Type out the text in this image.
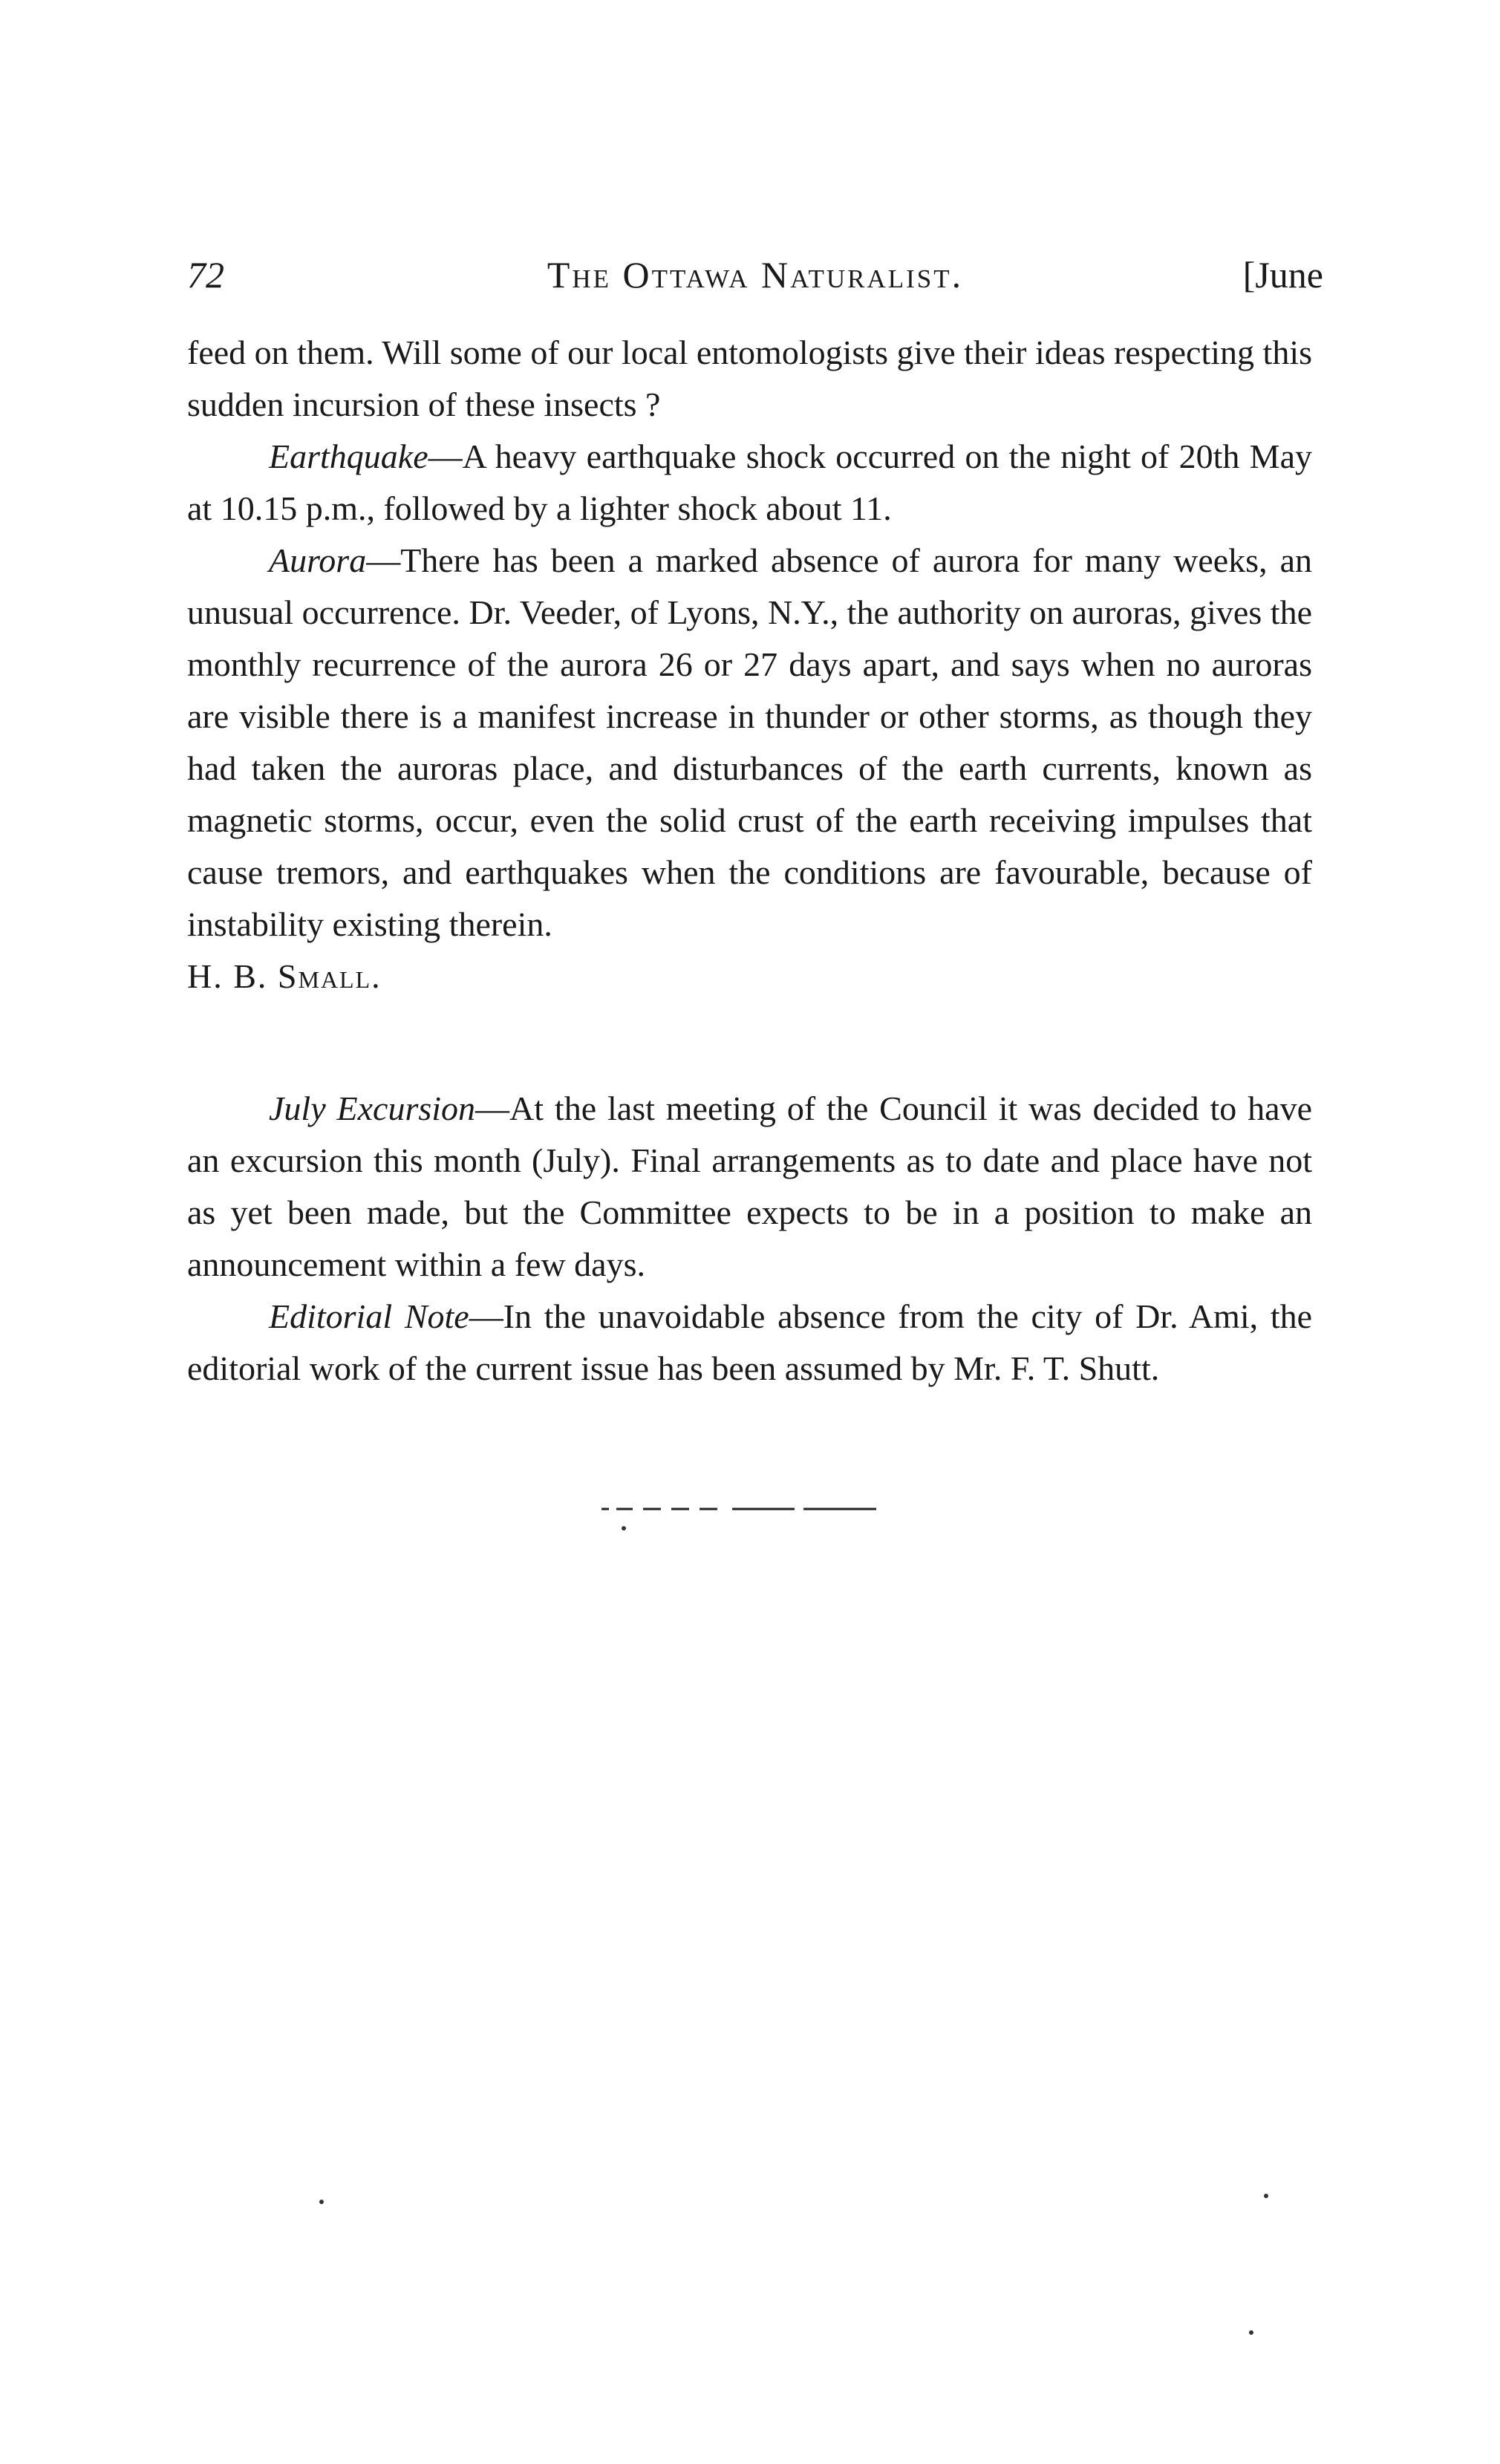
72	The Ottawa Naturalist.	[June

feed on them. Will some of our local entomologists give their ideas respecting this sudden incursion of these insects ?

Earthquake—A heavy earthquake shock occurred on the night of 20th May at 10.15 p.m., followed by a lighter shock about 11.

Aurora—There has been a marked absence of aurora for many weeks, an unusual occurrence. Dr. Veeder, of Lyons, N.Y., the authority on auroras, gives the monthly recurrence of the aurora 26 or 27 days apart, and says when no auroras are visible there is a manifest increase in thunder or other storms, as though they had taken the auroras place, and disturbances of the earth currents, known as magnetic storms, occur, even the solid crust of the earth receiving impulses that cause tremors, and earthquakes when the conditions are favourable, because of instability existing therein.

H. B. Small.

July Excursion—At the last meeting of the Council it was decided to have an excursion this month (July). Final arrangements as to date and place have not as yet been made, but the Committee expects to be in a position to make an announcement within a few days.

Editorial Note—In the unavoidable absence from the city of Dr. Ami, the editorial work of the current issue has been assumed by Mr. F. T. Shutt.
